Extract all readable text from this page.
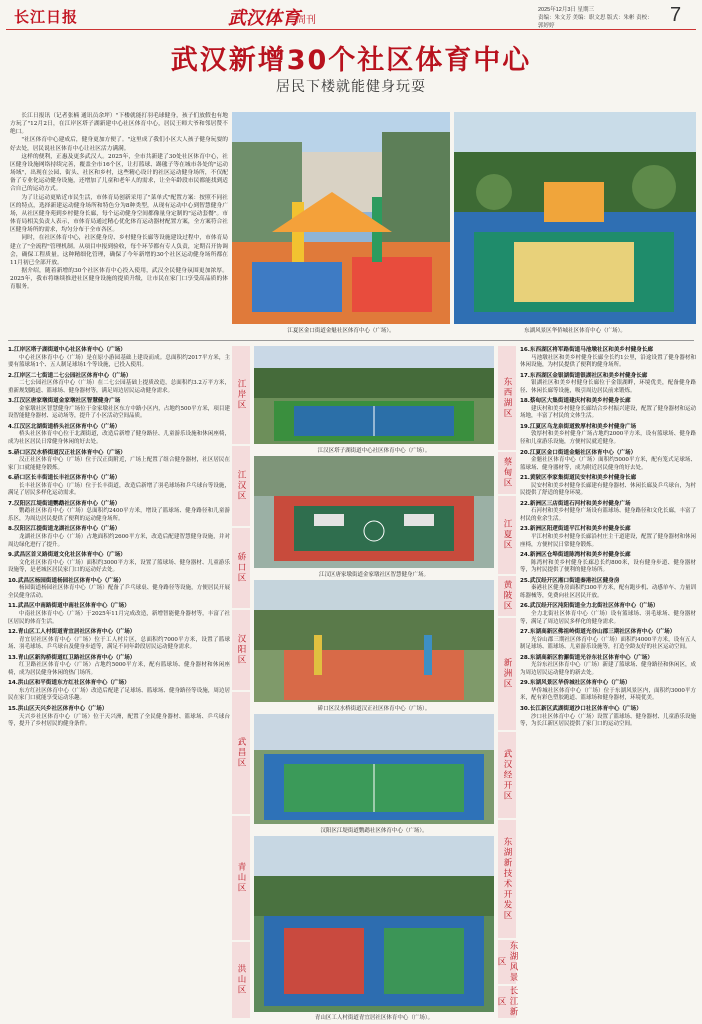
长江日报	武汉体育
周刊
2025年12月3日 星期三
责编：朱文芳 美编：职文思 版式：朱彬 责校：郭婷婷	7
武汉新增30个社区体育中心
居民下楼就能健身玩耍

长江日报讯（记者张楠 通讯员余坪）"下楼就能打羽毛球健身，孩子们放假也有地方玩了"12月2日，在江岸区塔子湖新建中心社区体育中心，居民王师大爷和邻居赞不绝口。

"社区体育中心建成后，健身更加方便了。"这里成了我们小区大人孩子健身玩耍的好去处，居民说社区体育中心让社区活力满满。

这样的便利，正惠及更多武汉人。2025年，全市共新建了30处社区体育中心，社区健身设施网络持续完善，覆盖全市16个区，让打篮球、踢毽子等在城市各处的"运动场域"，出现在公园、街头、社区和乡村，这些精心设计的社区运动健身场所，不仅配备了专业化运动健身设施，还增加了儿童和老年人的需求，让全年龄段市民都能找到适合自己的运动方式。

为了让运动更贴近市民生活，市体育局创新采用了"菜单式"配置方案：按照不同社区的特点，选择新建运动健身场所和特色分为8种类型，从现有运动中心到智慧健身广场，从社区健身苑到乡村健身长廊，每个运动健身空间都像量身定制的"运动套餐"。市体育局相关负责人表示，市体育局通过精心优化体育运动器材配置方案，全方案符合社区健身场所的需求，均匀分布于全市各区。

同时，在社区体育中心，社区健身房、乡村健身长廊等设施建设过程中，市体育局建立了"全流程"管理机制。从项目申报到验收，每个环节都有专人负责，定期召开协调会，确保工程质量。这种精细化管理，确保了今年新增的30个社区运动健身场所都在11月初已全部开放。

据介绍，随着新增的30个社区体育中心投入使用，武汉全民健身氛围更加浓厚。2025年，我市将继续推进社区健身设施的提质升级，让市民在家门口享受高品质的体育服务。

江夏区金口街道金魁社区体育中心（广场）。	东湖风景区华侨城社区体育中心（广场）。
1.江岸区塔子湖街道中心社区体育中心（广场）
中心社区体育中心（广场）是在原小游园基础上建设而成。总面积约2017平方米，主要有篮球场1个、五人制足球场1个等设施，已投入使用。
2.江岸区二七街道二七公园社区体育中心（广场）
二七公园社区体育中心（广场）在二七公园基础上提质改造，总面积约3.2万平方米，重新规划跑道、篮球场、健身器材等，满足周边居民运动健身需求。
3.江汉区唐家墩街道金家墩社区智慧健身广场
金家墩社区智慧健身广场位于金家墩社区东方中路小区内，占地约500平方米，项目建设智能健身器材、运动场等，提升了小区活动空间品质。
4.江汉区北湖街道桥头社区体育中心（广场）
桥头社区体育中心位于北湖街道，改造后新增了健身路径、儿童游乐设施和休闲座椅，成为社区居民日常健身休闲的好去处。
5.硚口区汉水桥街道汉正社区体育中心（广场）
汉正社区体育中心（广场）位于汉正街附近，广场上配置了组合健身器材，社区居民在家门口就能健身锻炼。
6.硚口区长丰街道长丰社区体育中心（广场）
长丰社区体育中心（广场）位于长丰街道，改造后新增了羽毛球场和乒乓球台等设施，满足了居民多样化运动需求。
7.汉阳区江堤街道鹦鹉社区体育中心（广场）
鹦鹉社区体育中心（广场）总面积约2400平方米，增设了篮球场、健身路径和儿童游乐区，为周边居民提供了便利的运动健身场所。
8.汉阳区江提街道龙湖社区体育中心（广场）
龙湖社区体育中心（广场）占地面积约2600平方米，改造后配建智慧健身设施，并对周边绿化进行了提升。
9.武昌区首义路街道文化社区体育中心（广场）
文化社区体育中心（广场）面积约3000平方米，设置了篮球场、健身器材、儿童游乐设施等，是老城区居民家门口的运动好去处。
10.武昌区杨园街道杨园社区体育中心（广场）
杨园街道杨园社区体育中心（广场）配备了乒乓球桌、健身路径等设施，方便居民开展全民健身活动。
11.武昌区中南路街道中南社区体育中心（广场）
中南社区体育中心（广场）于2025年11月完成改造，新增智能健身器材等，丰富了社区居民的体育生活。
12.青山区工人村街道青宜居社区体育中心（广场）
青宜居社区体育中心（广场）位于工人村片区，总面积约7000平方米，设置了篮球场、羽毛球场、乒乓球台及健身步道等，满足不同年龄段居民运动健身需求。
13.青山区新沟桥街道红卫路社区体育中心（广场）
红卫路社区体育中心（广场）占地约5000平方米，配有篮球场、健身器材和休闲座椅，成为居民健身休闲的热门场所。
14.洪山区和平街道东方红社区体育中心（广场）
东方红社区体育中心（广场）改造后配建了足球场、篮球场、健身路径等设施，周边居民在家门口就能享受运动乐趣。
15.洪山区天兴乡社区体育中心（广场）
天兴乡社区体育中心（广场）位于天兴洲，配置了全民健身器材、篮球场、乒乓球台等，提升了乡村居民的健身条件。
江岸区
江汉区
硚口区
汉阳区
武昌区
青山区
洪山区
江汉区塔子湖街道中心社区体育中心（广场）。
江汉区唐家墩街道金家墩社区智慧健身广场。
硚口区汉水桥街道汉正社区体育中心（广场）。
汉阳区江堤街道鹦鹉社区体育中心（广场）。
青山区工人村街道青宜居社区体育中心（广场）。
东西湖区
蔡甸区
江夏区
黄陂区
新洲区
武汉经开区
东湖新技术开发区
东湖风景区
长江新区
16.东西湖区将军路街道马池墩社区和美乡村健身长廊
马池墩社区和美乡村健身长廊全长约1公里，沿途设置了健身器材和休闲设施，为村民提供了便利的健身场所。
17.东西湖区金银湖街道银湖社区和美乡村健身长廊
银湖社区和美乡村健身长廊位于金银湖畔，环境优美，配备健身路径、休闲长廊等设施，吸引周边居民前来锻炼。
18.蔡甸区大集街道建庆村和美乡村健身长廊
建庆村和美乡村健身长廊结合乡村振兴建设，配置了健身器材和运动场地，丰富了村民的文体生活。
19.江夏区乌龙泉街道敦厚村和美乡村健身广场
敦厚村和美乡村健身广场占地约2000平方米，设有篮球场、健身路径和儿童游乐设施，方便村民就近健身。
20.江夏区金口街道金魁社区体育中心（广场）
金魁社区体育中心（广场）面积约5000平方米，配有笼式足球场、篮球场、健身器材等，成为附近居民健身的好去处。
21.黄陂区李家集街道民安村和美乡村健身长廊
民安村和美乡村健身长廊建有健身器材、休闲长廊及乒乓球台，为村民提供了舒适的健身环境。
22.新洲区三店街道石河村和美乡村健身广场
石河村和美乡村健身广场设有篮球场、健身路径和文化长廊，丰富了村民的业余生活。
23.新洲区阳逻街道平江村和美乡村健身长廊
平江村和美乡村健身长廊沿村庄主干道建设，配置了健身器材和休闲座椅，方便村民日常健身锻炼。
24.新洲区仓埠街道陈湾村和美乡村健身长廊
陈湾村和美乡村健身长廊总长约800米，设有健身步道、健身器材等，为村民提供了便利的健身场所。
25.武汉经开区湘口街道秦港社区健身房
秦港社区健身房面积约300平方米，配有跑步机、动感单车、力量训练器械等，免费向社区居民开放。
26.武汉经开区沌阳街道全力北街社区体育中心（广场）
全力北街社区体育中心（广场）设有篮球场、羽毛球场、健身器材等，满足了周边居民多样化的健身需求。
27.东湖高新区佛祖岭街道光谷山郡三期社区体育中心（广场）
光谷山郡三期社区体育中心（广场）面积约4000平方米，设有五人制足球场、篮球场、儿童游乐设施等，打造全龄友好的社区运动空间。
28.东湖高新区豹澥街道光谷东社区体育中心（广场）
光谷东社区体育中心（广场）新建了篮球场、健身路径和休闲区，成为周边居民运动健身的新去处。
29.东湖风景区华侨城社区体育中心（广场）
华侨城社区体育中心（广场）位于东湖风景区内，面积约3000平方米，配有彩色塑胶跑道、篮球场和健身器材，环境优美。
30.长江新区武湖街道沙口社区体育中心（广场）
沙口社区体育中心（广场）设置了篮球场、健身器材、儿童游乐设施等，为长江新区居民提供了家门口的运动空间。
